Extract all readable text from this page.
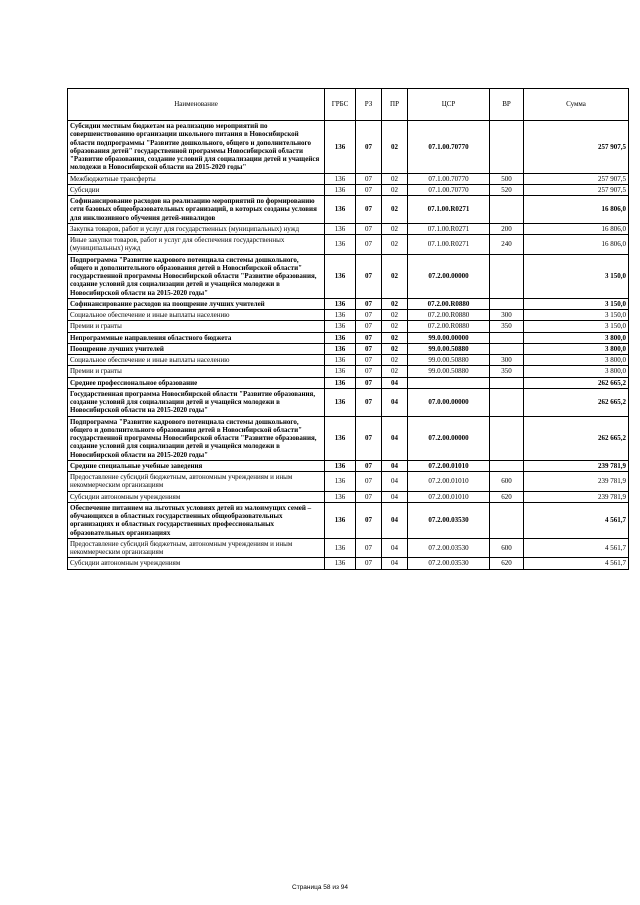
Наименование	ГРБС	РЗ	ПР	ЦСР	ВР	Сумма
Субсидии местным бюджетам на реализацию мероприятий по совершенствованию организации школьного питания в Новосибирской области подпрограммы "Развитие дошкольного, общего и дополнительного образования детей" государственной программы Новосибирской области "Развитие образования, создание условий для социализации детей и учащейся молодежи в Новосибирской области на 2015-2020 годы"	136	07	02	07.1.00.70770		257 907,5
Межбюджетные трансферты	136	07	02	07.1.00.70770	500	257 907,5
Субсидии	136	07	02	07.1.00.70770	520	257 907,5
Софинансирование расходов на реализацию мероприятий по формированию сети базовых общеобразовательных организаций, в которых созданы условия для инклюзивного обучения детей-инвалидов	136	07	02	07.1.00.R0271		16 806,0
Закупка товаров, работ и услуг для государственных (муниципальных) нужд	136	07	02	07.1.00.R0271	200	16 806,0
Иные закупки товаров, работ и услуг для обеспечения государственных (муниципальных) нужд	136	07	02	07.1.00.R0271	240	16 806,0
Подпрограмма "Развитие кадрового потенциала системы дошкольного, общего и дополнительного образования детей в Новосибирской области" государственной программы Новосибирской области "Развитие образования, создание условий для социализации детей и учащейся молодежи в Новосибирской области на 2015-2020 годы"	136	07	02	07.2.00.00000		3 150,0
Софинансирование расходов на поощрение лучших учителей	136	07	02	07.2.00.R0880		3 150,0
Социальное обеспечение и иные выплаты населению	136	07	02	07.2.00.R0880	300	3 150,0
Премии и гранты	136	07	02	07.2.00.R0880	350	3 150,0
Непрограммные направления областного бюджета	136	07	02	99.0.00.00000		3 800,0
Поощрение лучших учителей	136	07	02	99.0.00.50880		3 800,0
Социальное обеспечение и иные выплаты населению	136	07	02	99.0.00.50880	300	3 800,0
Премии и гранты	136	07	02	99.0.00.50880	350	3 800,0
Среднее профессиональное образование	136	07	04			262 665,2
Государственная программа Новосибирской области "Развитие образования, создание условий для социализации детей и учащейся молодежи в Новосибирской области на 2015-2020 годы"	136	07	04	07.0.00.00000		262 665,2
Подпрограмма "Развитие кадрового потенциала системы дошкольного, общего и дополнительного образования детей в Новосибирской области" государственной программы Новосибирской области "Развитие образования, создание условий для социализации детей и учащейся молодежи в Новосибирской области на 2015-2020 годы"	136	07	04	07.2.00.00000		262 665,2
Средние специальные учебные заведения	136	07	04	07.2.00.01010		239 781,9
Предоставление субсидий бюджетным, автономным учреждениям и иным некоммерческим организациям	136	07	04	07.2.00.01010	600	239 781,9
Субсидии автономным учреждениям	136	07	04	07.2.00.01010	620	239 781,9
Обеспечение питанием на льготных условиях детей из малоимущих семей – обучающихся в областных государственных общеобразовательных организациях и областных государственных профессиональных образовательных организациях	136	07	04	07.2.00.03530		4 561,7
Предоставление субсидий бюджетным, автономным учреждениям и иным некоммерческим организациям	136	07	04	07.2.00.03530	600	4 561,7
Субсидии автономным учреждениям	136	07	04	07.2.00.03530	620	4 561,7
Страница 58 из 94
